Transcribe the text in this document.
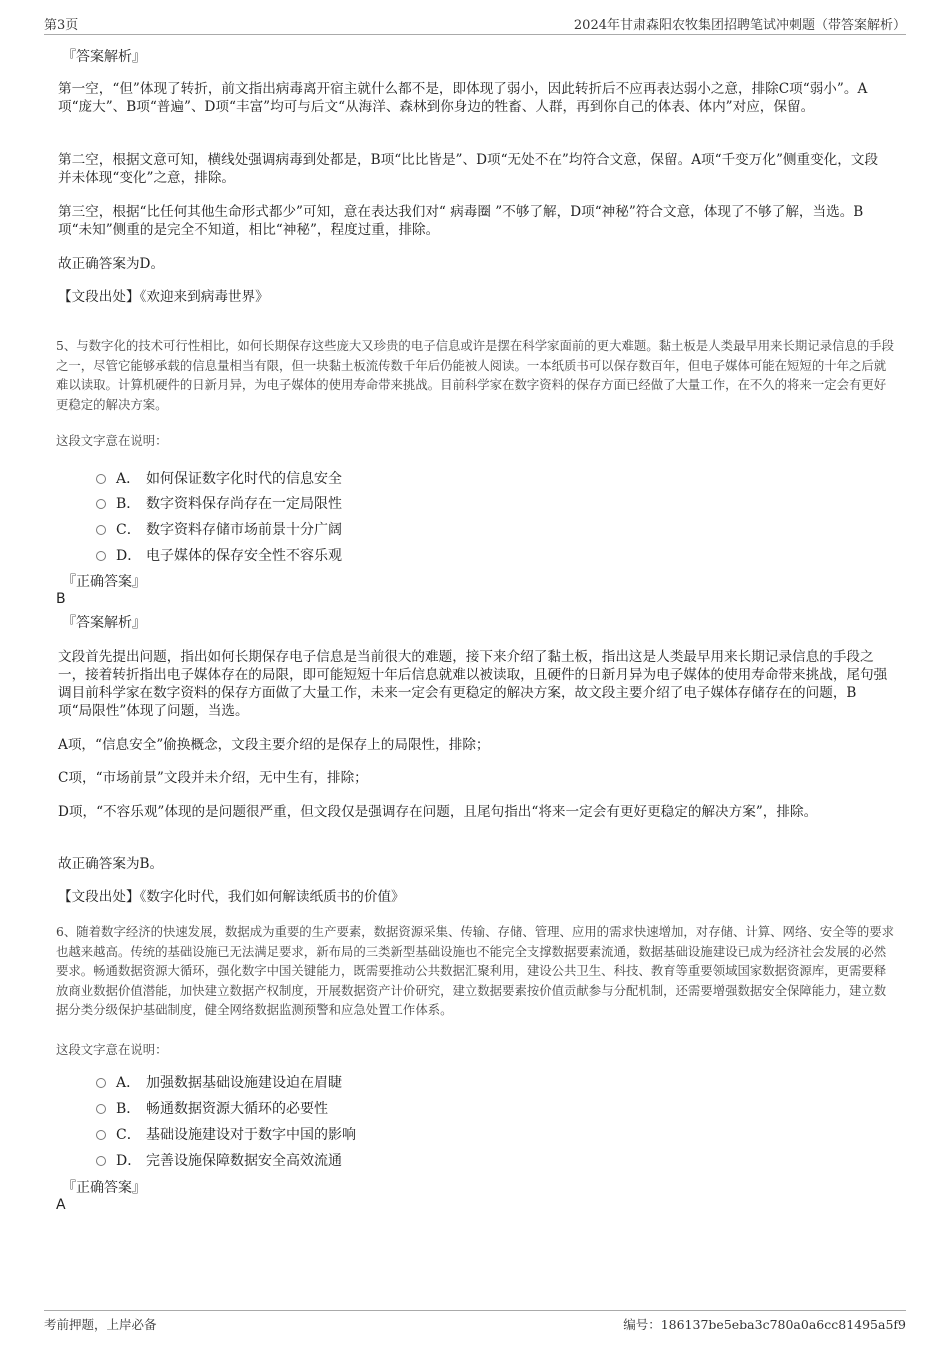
第3页	2024年甘肃森阳农牧集团招聘笔试冲刺题（带答案解析）

『答案解析』

第一空，“但”体现了转折，前文指出病毒离开宿主就什么都不是，即体现了弱小，因此转折后不应再表达弱小之意，排除C项“弱小”。A项“庞大”、B项“普遍”、D项“丰富”均可与后文“从海洋、森林到你身边的牲畜、人群，再到你自己的体表、体内”对应，保留。

第二空，根据文意可知，横线处强调病毒到处都是，B项“比比皆是”、D项“无处不在”均符合文意，保留。A项“千变万化”侧重变化，文段并未体现“变化”之意，排除。

第三空，根据“比任何其他生命形式都少”可知，意在表达我们对“ 病毒圈 ”不够了解，D项“神秘”符合文意，体现了不够了解，当选。B项“未知”侧重的是完全不知道，相比“神秘”，程度过重，排除。

故正确答案为D。

【文段出处】《欢迎来到病毒世界》

5、与数字化的技术可行性相比，如何长期保存这些庞大又珍贵的电子信息或许是摆在科学家面前的更大难题。黏土板是人类最早用来长期记录信息的手段之一，尽管它能够承载的信息量相当有限，但一块黏土板流传数千年后仍能被人阅读。一本纸质书可以保存数百年，但电子媒体可能在短短的十年之后就难以读取。计算机硬件的日新月异，为电子媒体的使用寿命带来挑战。目前科学家在数字资料的保存方面已经做了大量工作，在不久的将来一定会有更好更稳定的解决方案。

这段文字意在说明：

A． 如何保证数字化时代的信息安全
B． 数字资料保存尚存在一定局限性
C． 数字资料存储市场前景十分广阔
D． 电子媒体的保存安全性不容乐观

『正确答案』

B

『答案解析』

文段首先提出问题，指出如何长期保存电子信息是当前很大的难题，接下来介绍了黏土板，指出这是人类最早用来长期记录信息的手段之一，接着转折指出电子媒体存在的局限，即可能短短十年后信息就难以被读取，且硬件的日新月异为电子媒体的使用寿命带来挑战，尾句强调目前科学家在数字资料的保存方面做了大量工作，未来一定会有更稳定的解决方案，故文段主要介绍了电子媒体存储存在的问题，B项“局限性”体现了问题，当选。

A项，“信息安全”偷换概念，文段主要介绍的是保存上的局限性，排除；

C项，“市场前景”文段并未介绍，无中生有，排除；

D项，“不容乐观”体现的是问题很严重，但文段仅是强调存在问题，且尾句指出“将来一定会有更好更稳定的解决方案”，排除。

故正确答案为B。

【文段出处】《数字化时代，我们如何解读纸质书的价值》

6、随着数字经济的快速发展，数据成为重要的生产要素，数据资源采集、传输、存储、管理、应用的需求快速增加，对存储、计算、网络、安全等的要求也越来越高。传统的基础设施已无法满足要求，新布局的三类新型基础设施也不能完全支撑数据要素流通，数据基础设施建设已成为经济社会发展的必然要求。畅通数据资源大循环，强化数字中国关键能力，既需要推动公共数据汇聚利用，建设公共卫生、科技、教育等重要领域国家数据资源库，更需要释放商业数据价值潜能，加快建立数据产权制度，开展数据资产计价研究，建立数据要素按价值贡献参与分配机制，还需要增强数据安全保障能力，建立数据分类分级保护基础制度，健全网络数据监测预警和应急处置工作体系。

这段文字意在说明：

A． 加强数据基础设施建设迫在眉睫
B． 畅通数据资源大循环的必要性
C． 基础设施建设对于数字中国的影响
D． 完善设施保障数据安全高效流通

『正确答案』

A

考前押题，上岸必备	编号：186137be5eba3c780a0a6cc81495a5f9
